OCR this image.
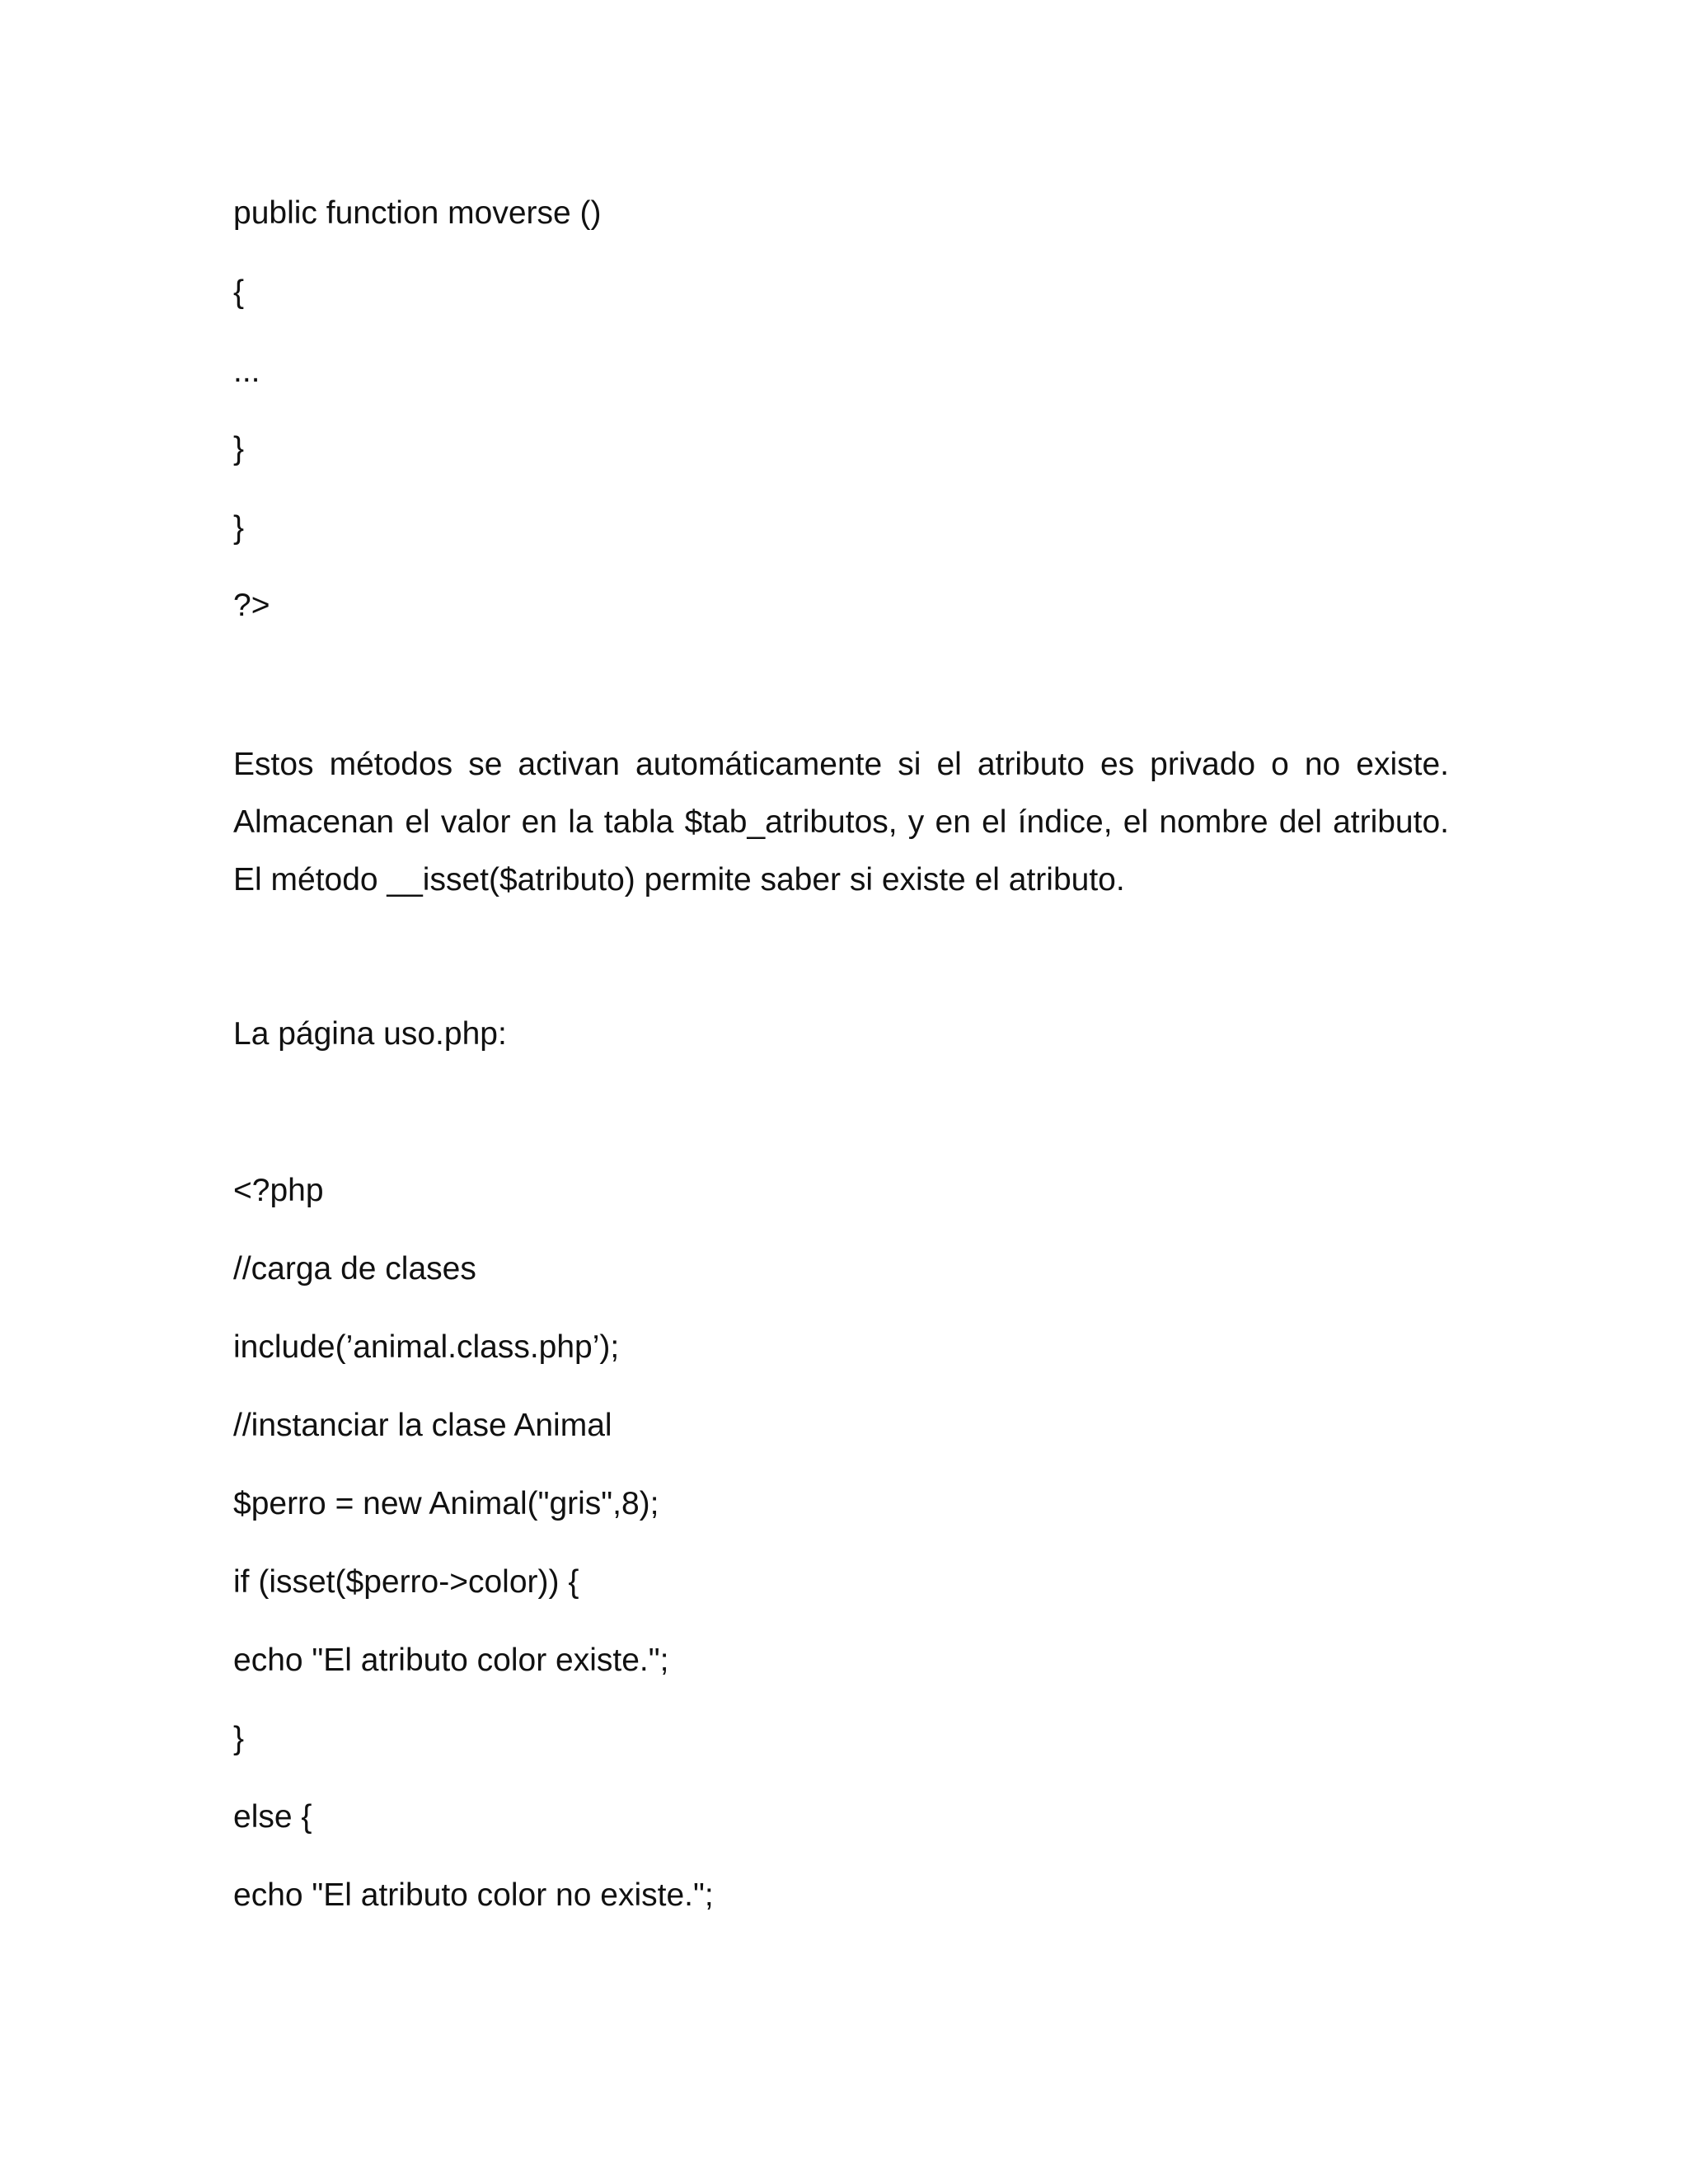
public function moverse ()
{
...
}
}
?>
Estos métodos se activan automáticamente si el atributo es privado o no existe.
Almacenan el valor en la tabla $tab_atributos, y en el índice, el nombre del atributo.
El método __isset($atributo) permite saber si existe el atributo.
La página uso.php:
<?php
//carga de clases
include(’animal.class.php’);
//instanciar la clase Animal
$perro = new Animal("gris",8);
if (isset($perro->color)) {
echo "El atributo color existe.";
}
else {
echo "El atributo color no existe.";
